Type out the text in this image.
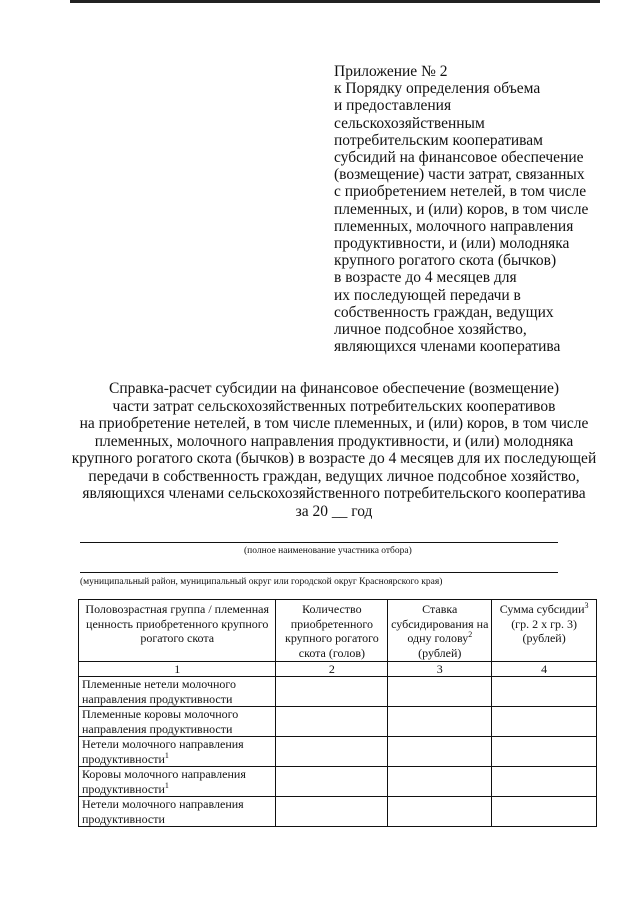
Приложение № 2
к Порядку определения объема
и предоставления
сельскохозяйственным
потребительским кооперативам
субсидий на финансовое обеспечение
(возмещение) части затрат, связанных
с приобретением нетелей, в том числе
племенных, и (или) коров, в том числе
племенных, молочного направления
продуктивности, и (или) молодняка
крупного рогатого скота (бычков)
в возрасте до 4 месяцев для
их последующей передачи в
собственность граждан, ведущих
личное подсобное хозяйство,
являющихся членами кооператива
Справка-расчет субсидии на финансовое обеспечение (возмещение)
части затрат сельскохозяйственных потребительских кооперативов
на приобретение нетелей, в том числе племенных, и (или) коров, в том числе
племенных, молочного направления продуктивности, и (или) молодняка
крупного рогатого скота (бычков) в возрасте до 4 месяцев для их последующей
передачи в собственность граждан, ведущих личное подсобное хозяйство,
являющихся членами сельскохозяйственного потребительского кооператива
за 20 __ год
(полное наименование участника отбора)
(муниципальный район, муниципальный округ или городской округ Красноярского края)
Половозрастная группа / племенная ценность приобретенного крупного рогатого скота	Количество приобретенного крупного рогатого скота (голов)	Ставка субсидирования на одну голову$^2$ (рублей)	Сумма субсидии$^3$ (гр. 2 х гр. 3) (рублей)
1	2	3	4
Племенные нетели молочного направления продуктивности			
Племенные коровы молочного направления продуктивности			
Нетели молочного направления продуктивности$^1$			
Коровы молочного направления продуктивности$^1$			
Нетели молочного направления продуктивности			
